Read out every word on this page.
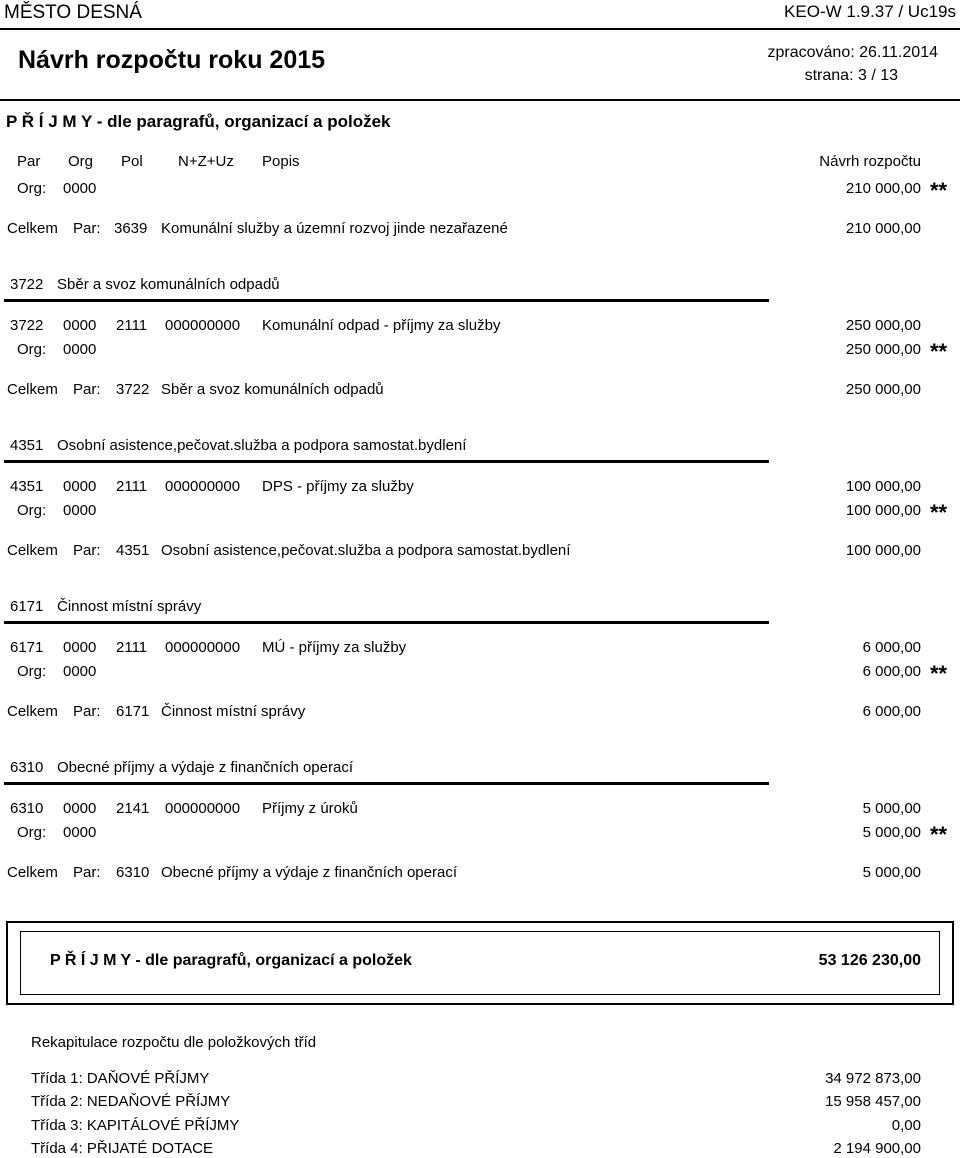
MĚSTO DESNÁ	KEO-W 1.9.37 / Uc19s
Návrh rozpočtu roku 2015	zpracováno: 26.11.2014
strana: 3 / 13
P Ř Í J M Y - dle paragrafů, organizací a položek
Par Org Pol N+Z+Uz Popis	Návrh rozpočtu
Org: 0000	210 000,00 **
Celkem Par: 3639 Komunální služby a územní rozvoj jinde nezařazené	210 000,00
3722 Sběr a svoz komunálních odpadů
3722 0000 2111 000000000 Komunální odpad - příjmy za služby	250 000,00
Org: 0000	250 000,00 **
Celkem Par: 3722 Sběr a svoz komunálních odpadů	250 000,00
4351 Osobní asistence,pečovat.služba a podpora samostat.bydlení
4351 0000 2111 000000000 DPS - příjmy za služby	100 000,00
Org: 0000	100 000,00 **
Celkem Par: 4351 Osobní asistence,pečovat.služba a podpora samostat.bydlení	100 000,00
6171 Činnost místní správy
6171 0000 2111 000000000 MÚ - příjmy za služby	6 000,00
Org: 0000	6 000,00 **
Celkem Par: 6171 Činnost místní správy	6 000,00
6310 Obecné příjmy a výdaje z finančních operací
6310 0000 2141 000000000 Příjmy z úroků	5 000,00
Org: 0000	5 000,00 **
Celkem Par: 6310 Obecné příjmy a výdaje z finančních operací	5 000,00
P Ř Í J M Y - dle paragrafů, organizací a položek	53 126 230,00
Rekapitulace rozpočtu dle položkových tříd
Třída 1: DAŇOVÉ PŘÍJMY	34 972 873,00
Třída 2: NEDAŇOVÉ PŘÍJMY	15 958 457,00
Třída 3: KAPITÁLOVÉ PŘÍJMY	0,00
Třída 4: PŘIJATÉ DOTACE	2 194 900,00
